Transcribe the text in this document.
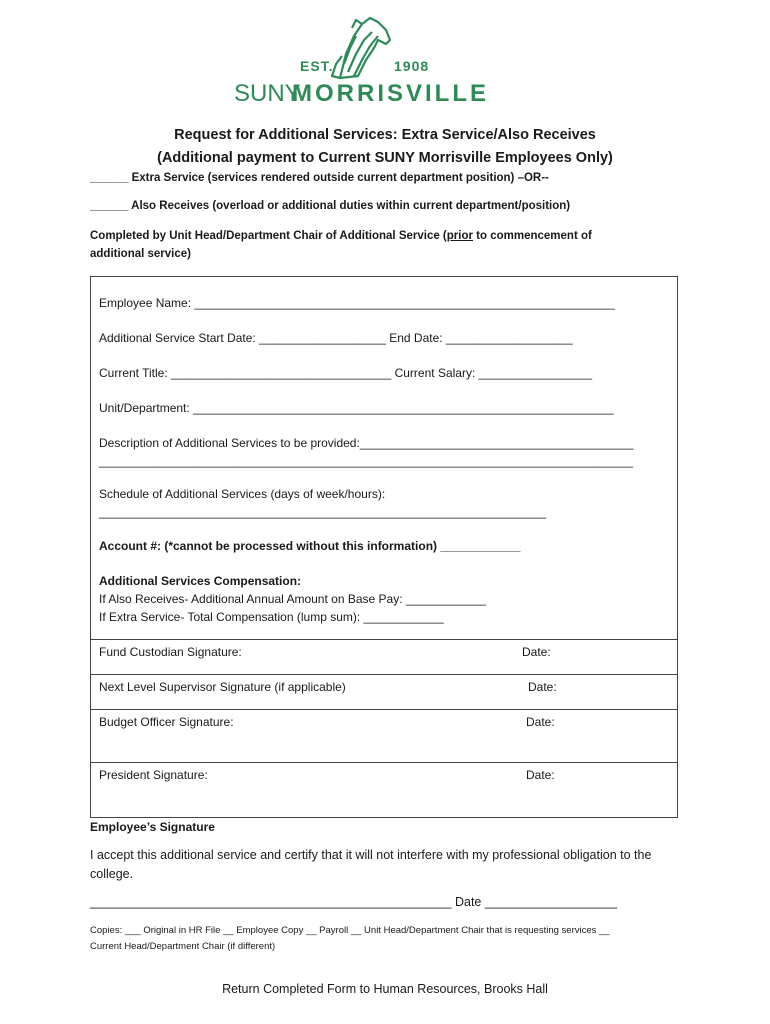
EST.	1908
SUNY
MORRISVILLE
Request for Additional Services: Extra Service/Also Receives
(Additional payment to Current SUNY Morrisville Employees Only)
______ Extra Service (services rendered outside current department position) –OR--
______ Also Receives (overload or additional duties within current department/position)
Completed by Unit Head/Department Chair of Additional Service (prior to commencement of
additional service)
Employee Name: _______________________________________________________________
Additional Service Start Date: ___________________ End Date: ___________________
Current Title: _________________________________ Current Salary: _________________
Unit/Department: _______________________________________________________________
Description of Additional Services to be provided:_________________________________________
________________________________________________________________________________
Schedule of Additional Services (days of week/hours):
___________________________________________________________________
Account #: (*cannot be processed without this information) ____________
Additional Services Compensation:
If Also Receives- Additional Annual Amount on Base Pay: ____________
If Extra Service- Total Compensation (lump sum): ____________
Fund Custodian Signature:	Date:
Next Level Supervisor Signature (if applicable)	Date:
Budget Officer Signature:	Date:
President Signature:	Date:
Employee’s Signature
I accept this additional service and certify that it will not interfere with my professional obligation to the
college.
____________________________________________________ Date ___________________
Copies: ___ Original in HR File __ Employee Copy __ Payroll __ Unit Head/Department Chair that is requesting services __
Current Head/Department Chair (if different)
Return Completed Form to Human Resources, Brooks Hall
